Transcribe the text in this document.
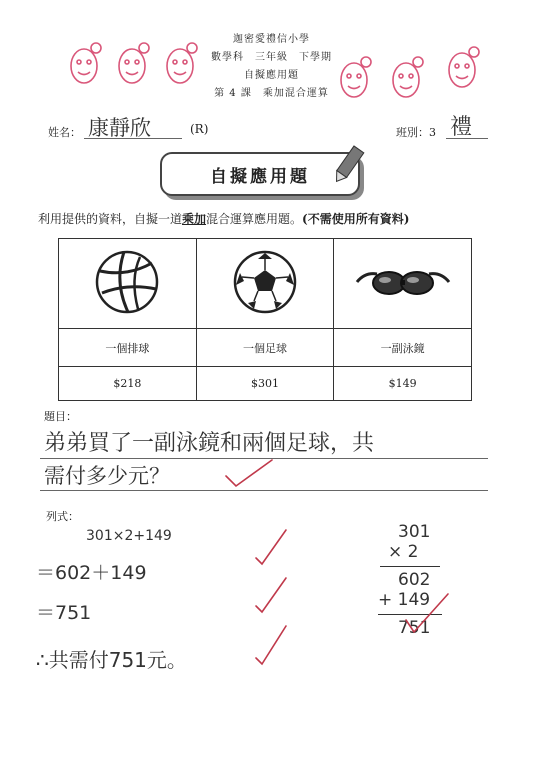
迦密愛禮信小學
數學科　三年級　下學期
自擬應用題
第 4 課　乘加混合運算
姓名： 康靜欣	(R)	班別：3 禮
自擬應用題
利用提供的資料，自擬一道乘加混合運算應用題。(不需使用所有資料)

一個排球	一個足球	一副泳鏡
$218	$301	$149
題目：
弟弟買了一副泳鏡和兩個足球，共
需付多少元？
列式：
301×2+149
＝602＋149
＝751
∴共需付751元。
301
× 2
602
+ 149
751
